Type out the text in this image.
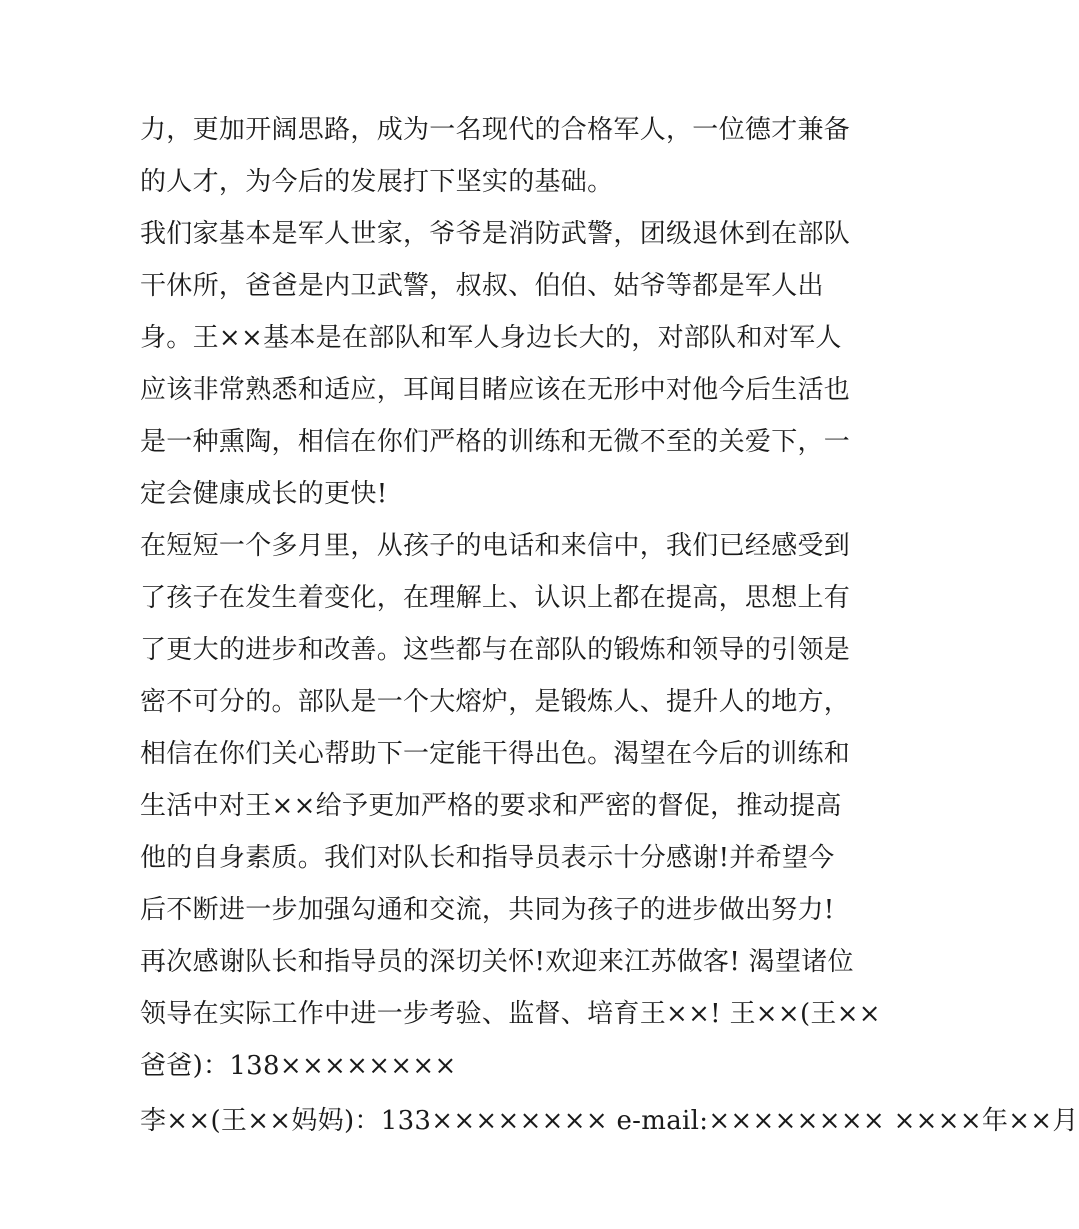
力，更加开阔思路，成为一名现代的合格军人，一位德才兼备
的人才，为今后的发展打下坚实的基础。
我们家基本是军人世家，爷爷是消防武警，团级退休到在部队
干休所，爸爸是内卫武警，叔叔、伯伯、姑爷等都是军人出
身。王××基本是在部队和军人身边长大的，对部队和对军人
应该非常熟悉和适应，耳闻目睹应该在无形中对他今后生活也
是一种熏陶，相信在你们严格的训练和无微不至的关爱下，一
定会健康成长的更快!
在短短一个多月里，从孩子的电话和来信中，我们已经感受到
了孩子在发生着变化，在理解上、认识上都在提高，思想上有
了更大的进步和改善。这些都与在部队的锻炼和领导的引领是
密不可分的。部队是一个大熔炉，是锻炼人、提升人的地方，
相信在你们关心帮助下一定能干得出色。渴望在今后的训练和
生活中对王××给予更加严格的要求和严密的督促，推动提高
他的自身素质。我们对队长和指导员表示十分感谢!并希望今
后不断进一步加强勾通和交流，共同为孩子的进步做出努力!
再次感谢队长和指导员的深切关怀!欢迎来江苏做客! 渴望诸位
领导在实际工作中进一步考验、监督、培育王××! 王××(王××
爸爸)：138××××××××
李××(王××妈妈)：133×××××××× e-mail:×××××××× ××××年××月
